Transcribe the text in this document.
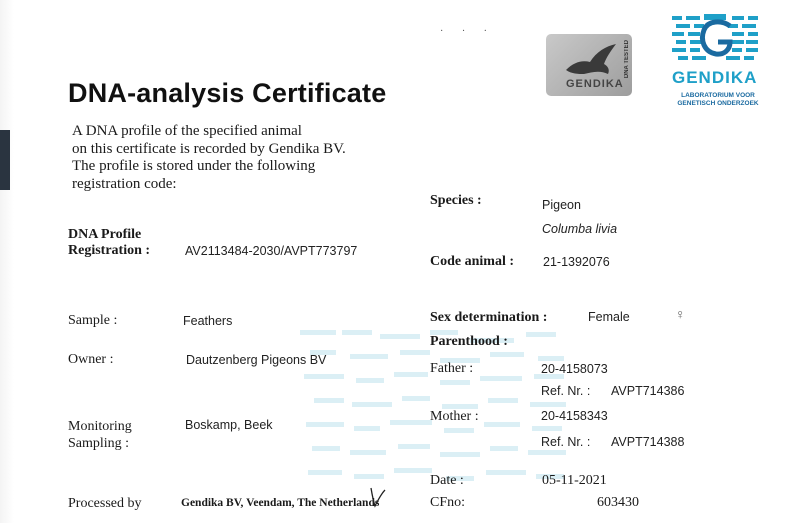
· · ·
DNA-analysis Certificate
A DNA profile of the specified animal
on this certificate is recorded by Gendika BV.
The profile is stored under the following
registration code:
GENDIKA
DNA TESTED GENDIKA
LABORATORIUM VOOR
GENETISCH ONDERZOEK
DNA Profile
Registration :	AV2113484-2030/AVPT773797
Sample :	Feathers
Owner :	Dautzenberg Pigeons BV
Monitoring
Sampling :
Boskamp, Beek
Processed by	Gendika BV, Veendam, The Netherlands
Species :	Pigeon
Columba livia
Code animal : 21-1392076
Sex determination :	Female	♀
Parenthood :
Father :	20-4158073
Ref. Nr. : AVPT714386
Mother :	20-4158343
Ref. Nr. : AVPT714388
Date :	05-11-2021
CFno:	603430
